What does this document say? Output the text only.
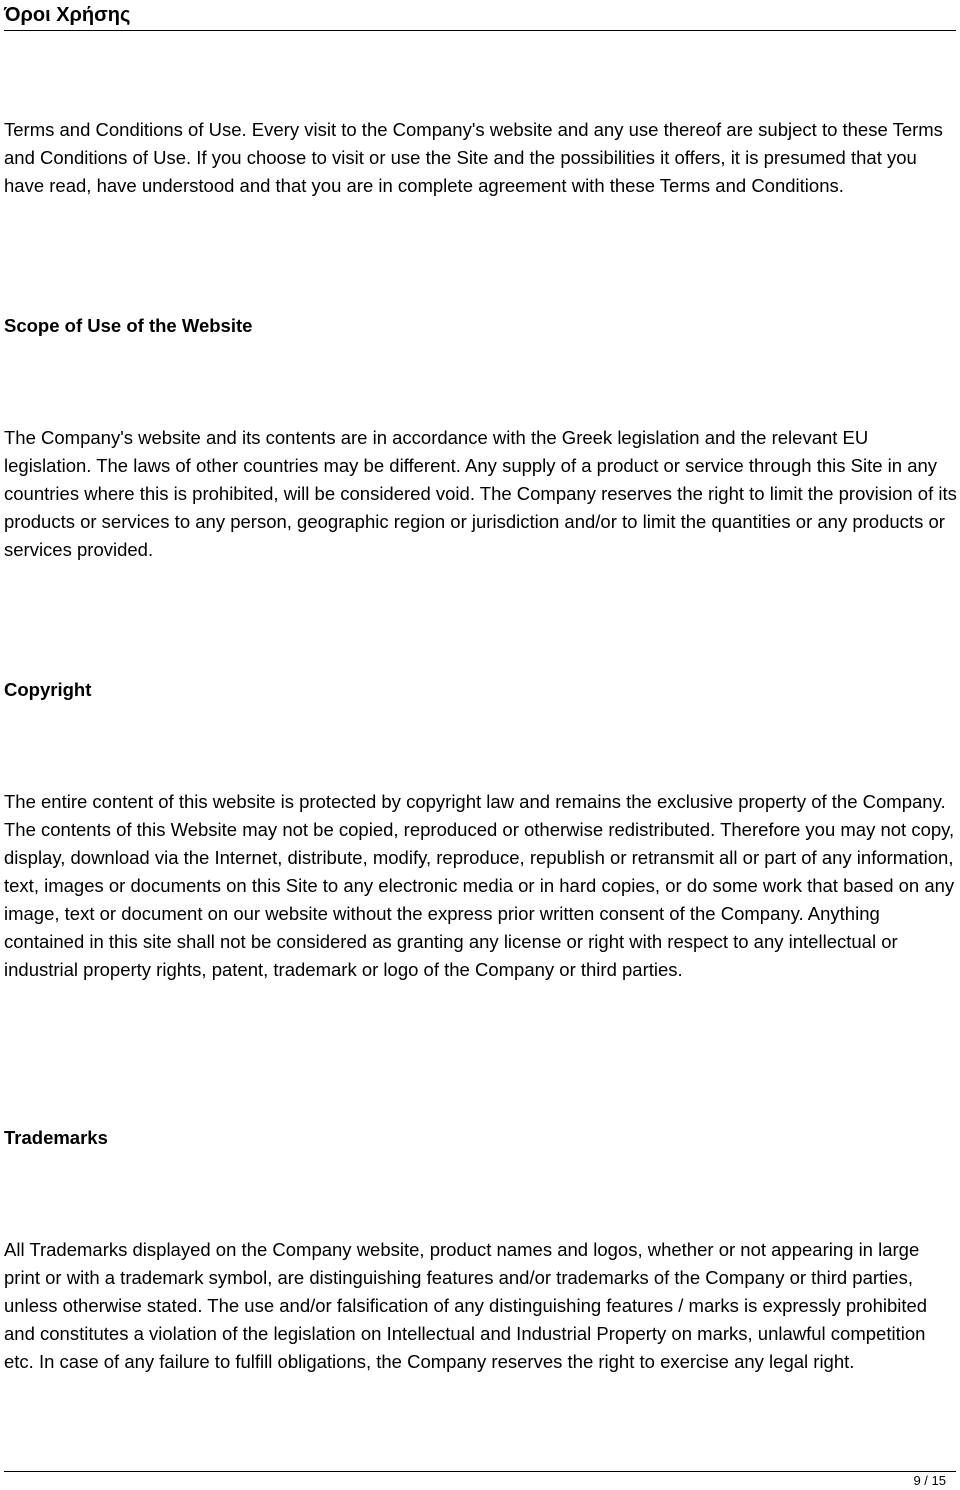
Όροι Χρήσης

Terms and Conditions of Use. Every visit to the Company's website and any use thereof are subject to these Terms and Conditions of Use. If you choose to visit or use the Site and the possibilities it offers, it is presumed that you have read, have understood and that you are in complete agreement with these Terms and Conditions.

Scope of Use of the Website

The Company's website and its contents are in accordance with the Greek legislation and the relevant EU legislation. The laws of other countries may be different. Any supply of a product or service through this Site in any countries where this is prohibited, will be considered void. The Company reserves the right to limit the provision of its products or services to any person, geographic region or jurisdiction and/or to limit the quantities or any products or services provided.

Copyright

The entire content of this website is protected by copyright law and remains the exclusive property of the Company. The contents of this Website may not be copied, reproduced or otherwise redistributed. Therefore you may not copy, display, download via the Internet, distribute, modify, reproduce, republish or retransmit all or part of any information, text, images or documents on this Site to any electronic media or in hard copies, or do some work that based on any image, text or document on our website without the express prior written consent of the Company. Anything contained in this site shall not be considered as granting any license or right with respect to any intellectual or industrial property rights, patent, trademark or logo of the Company or third parties.

Trademarks

All Trademarks displayed on the Company website, product names and logos, whether or not appearing in large print or with a trademark symbol, are distinguishing features and/or trademarks of the Company or third parties, unless otherwise stated. The use and/or falsification of any distinguishing features / marks is expressly prohibited and constitutes a violation of the legislation on Intellectual and Industrial Property on marks, unlawful competition etc. In case of any failure to fulfill obligations, the Company reserves the right to exercise any legal right.

9 / 15
